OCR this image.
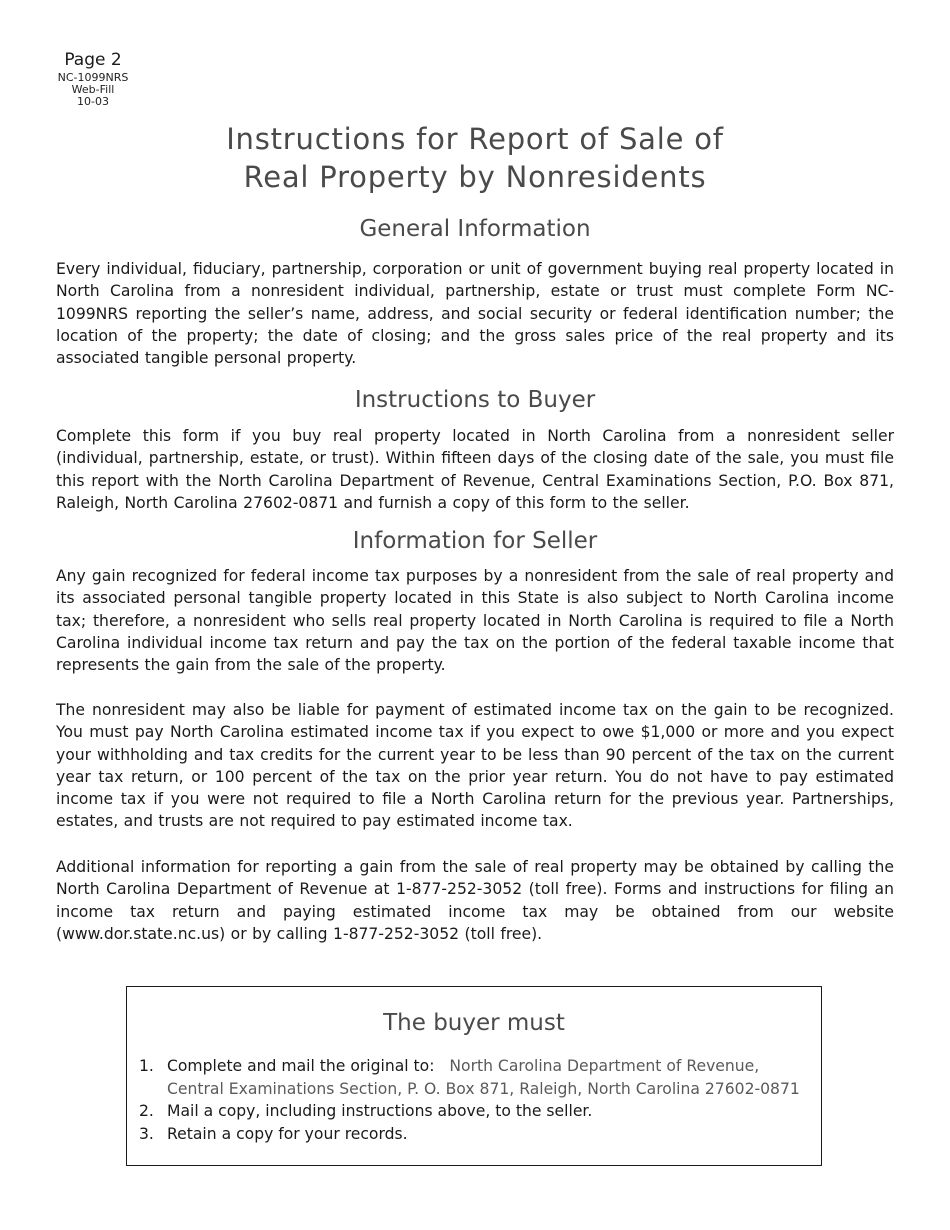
Page 2
NC-1099NRS
Web-Fill
10-03
Instructions for Report of Sale of
Real Property by Nonresidents
General Information

Every individual, fiduciary, partnership, corporation or unit of government buying real property located in North Carolina from a nonresident individual, partnership, estate or trust must complete Form NC-1099NRS reporting the seller’s name, address, and social security or federal identification number; the location of the property; the date of closing; and the gross sales price of the real property and its associated tangible personal property.

Instructions to Buyer

Complete this form if you buy real property located in North Carolina from a nonresident seller (individual, partnership, estate, or trust). Within fifteen days of the closing date of the sale, you must file this report with the North Carolina Department of Revenue, Central Examinations Section, P.O. Box 871, Raleigh, North Carolina 27602-0871 and furnish a copy of this form to the seller.

Information for Seller

Any gain recognized for federal income tax purposes by a nonresident from the sale of real property and its associated personal tangible property located in this State is also subject to North Carolina income tax; therefore, a nonresident who sells real property located in North Carolina is required to file a North Carolina individual income tax return and pay the tax on the portion of the federal taxable income that represents the gain from the sale of the property.

The nonresident may also be liable for payment of estimated income tax on the gain to be recognized. You must pay North Carolina estimated income tax if you expect to owe $1,000 or more and you expect your withholding and tax credits for the current year to be less than 90 percent of the tax on the current year tax return, or 100 percent of the tax on the prior year return. You do not have to pay estimated income tax if you were not required to file a North Carolina return for the previous year. Partnerships, estates, and trusts are not required to pay estimated income tax.

Additional information for reporting a gain from the sale of real property may be obtained by calling the North Carolina Department of Revenue at 1-877-252-3052 (toll free). Forms and instructions for filing an income tax return and paying estimated income tax may be obtained from our website (www.dor.state.nc.us) or by calling 1-877-252-3052 (toll free).

The buyer must
1. Complete and mail the original to: North Carolina Department of Revenue,
Central Examinations Section, P. O. Box 871, Raleigh, North Carolina 27602-0871
2. Mail a copy, including instructions above, to the seller.
3. Retain a copy for your records.
